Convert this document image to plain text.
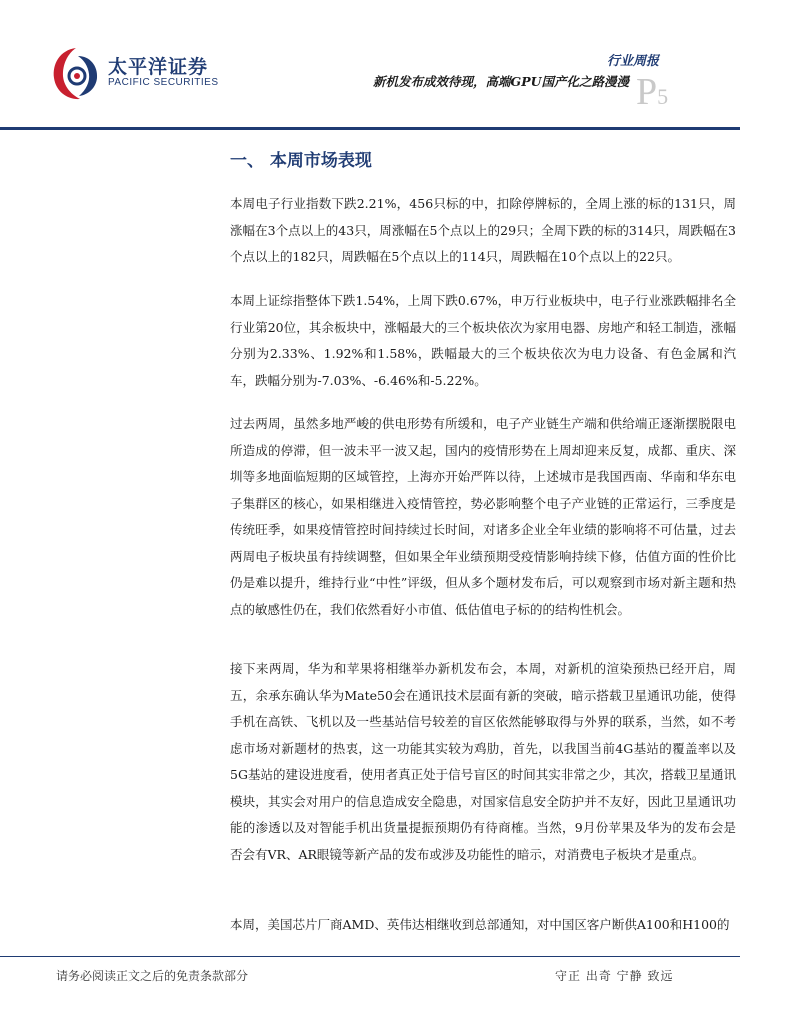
太平洋证券
PACIFIC SECURITIES
行业周报
新机发布成效待现，高端GPU国产化之路漫漫 P5
一、 本周市场表现

本周电子行业指数下跌2.21%，456只标的中，扣除停牌标的，全周上涨的标的131只，周涨幅在3个点以上的43只，周涨幅在5个点以上的29只；全周下跌的标的314只，周跌幅在3个点以上的182只，周跌幅在5个点以上的114只，周跌幅在10个点以上的22只。

本周上证综指整体下跌1.54%，上周下跌0.67%，申万行业板块中，电子行业涨跌幅排名全行业第20位，其余板块中，涨幅最大的三个板块依次为家用电器、房地产和轻工制造，涨幅分别为2.33%、1.92%和1.58%，跌幅最大的三个板块依次为电力设备、有色金属和汽车，跌幅分别为-7.03%、-6.46%和-5.22%。

过去两周，虽然多地严峻的供电形势有所缓和，电子产业链生产端和供给端正逐渐摆脱限电所造成的停滞，但一波未平一波又起，国内的疫情形势在上周却迎来反复，成都、重庆、深圳等多地面临短期的区域管控，上海亦开始严阵以待，上述城市是我国西南、华南和华东电子集群区的核心，如果相继进入疫情管控，势必影响整个电子产业链的正常运行，三季度是传统旺季，如果疫情管控时间持续过长时间，对诸多企业全年业绩的影响将不可估量，过去两周电子板块虽有持续调整，但如果全年业绩预期受疫情影响持续下修，估值方面的性价比仍是难以提升，维持行业“中性”评级，但从多个题材发布后，可以观察到市场对新主题和热点的敏感性仍在，我们依然看好小市值、低估值电子标的的结构性机会。

接下来两周，华为和苹果将相继举办新机发布会，本周，对新机的渲染预热已经开启，周五，余承东确认华为Mate50会在通讯技术层面有新的突破，暗示搭载卫星通讯功能，使得手机在高铁、飞机以及一些基站信号较差的盲区依然能够取得与外界的联系，当然，如不考虑市场对新题材的热衷，这一功能其实较为鸡肋，首先，以我国当前4G基站的覆盖率以及5G基站的建设进度看，使用者真正处于信号盲区的时间其实非常之少，其次，搭载卫星通讯模块，其实会对用户的信息造成安全隐患，对国家信息安全防护并不友好，因此卫星通讯功能的渗透以及对智能手机出货量提振预期仍有待商榷。当然，9月份苹果及华为的发布会是否会有VR、AR眼镜等新产品的发布或涉及功能性的暗示，对消费电子板块才是重点。

本周，美国芯片厂商AMD、英伟达相继收到总部通知，对中国区客户断供A100和H100的

请务必阅读正文之后的免责条款部分	守正 出奇 宁静 致远
